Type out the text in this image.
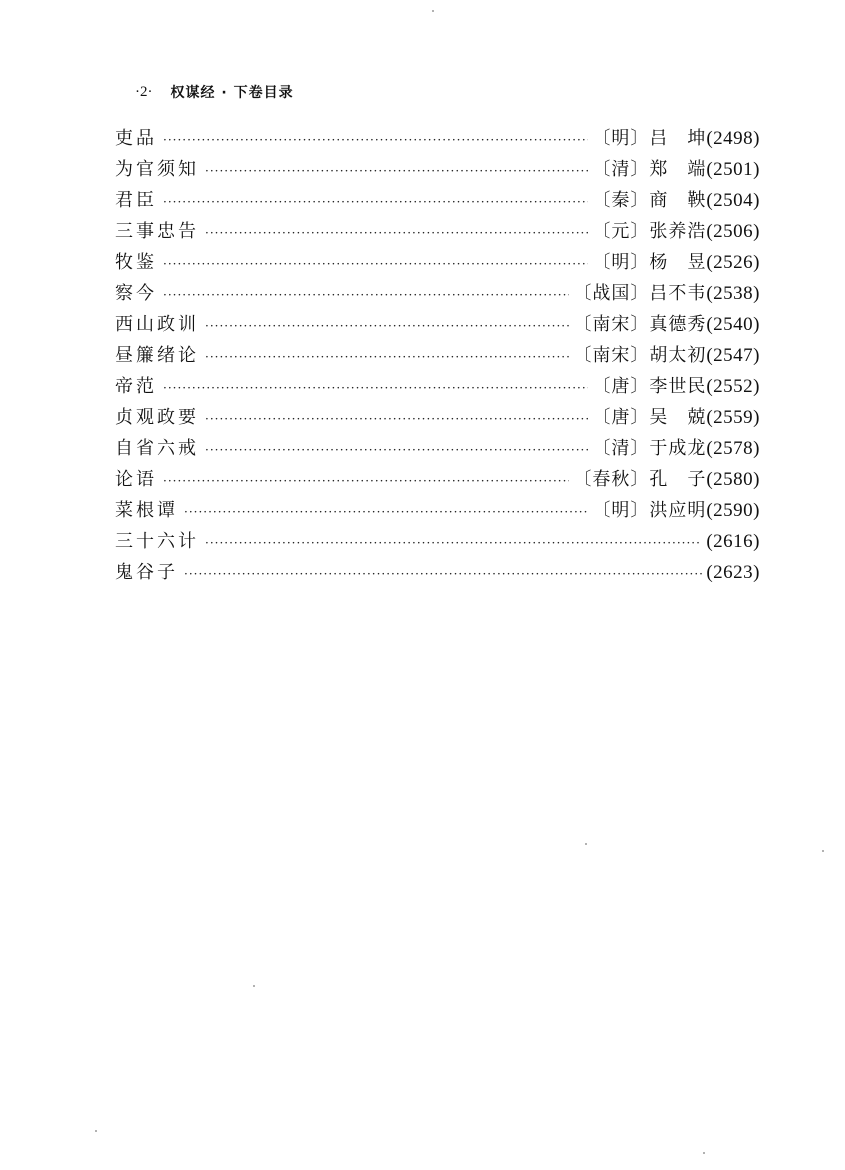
·2· 权谋经 · 下卷目录
吏品 ·····	〔明〕吕　坤 (2498)
为官须知 ·····	〔清〕郑　端 (2501)
君臣 ·····	〔秦〕商　鞅 (2504)
三事忠告 ·····	〔元〕张养浩 (2506)
牧鉴 ·····	〔明〕杨　昱 (2526)
察今 ·····	〔战国〕吕不韦 (2538)
西山政训 ·····	〔南宋〕真德秀 (2540)
昼簾绪论 ·····	〔南宋〕胡太初 (2547)
帝范 ·····	〔唐〕李世民 (2552)
贞观政要 ·····	〔唐〕吴　兢 (2559)
自省六戒 ·····	〔清〕于成龙 (2578)
论语 ·····	〔春秋〕孔　子 (2580)
菜根谭 ·····	〔明〕洪应明 (2590)
三十六计 ·····	(2616)
鬼谷子 ·····	(2623)
